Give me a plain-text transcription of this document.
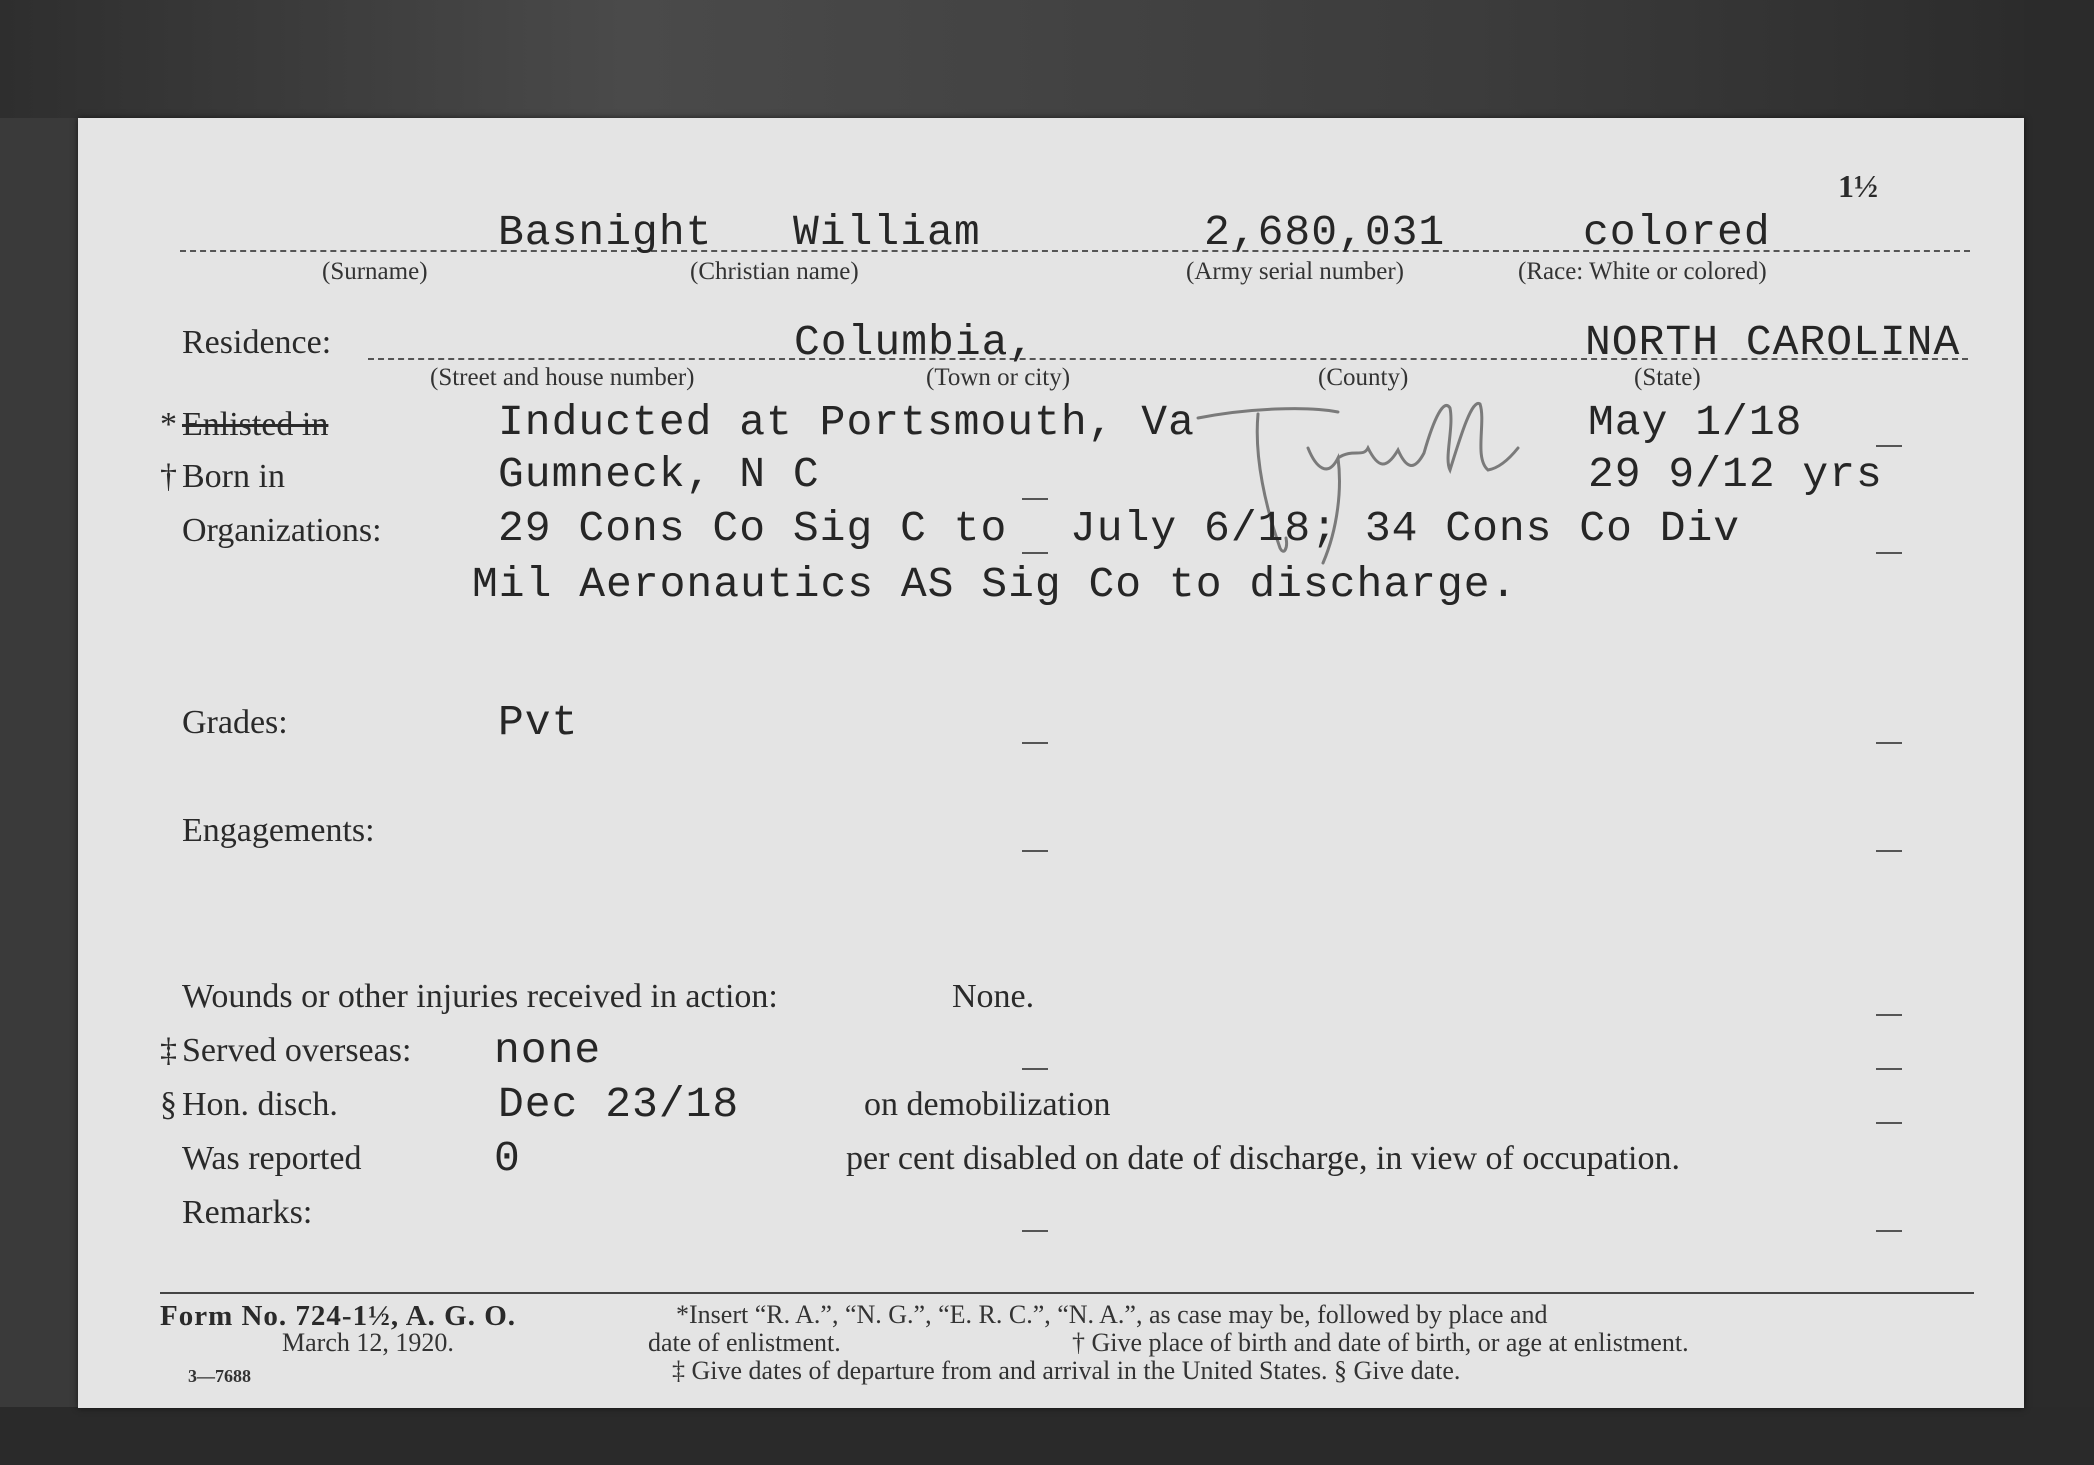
1½
Basnight William	2,680,031	colored
(Surname)	(Christian name)	(Army serial number)	(Race: White or colored)
Residence:	Columbia,	NORTH CAROLINA
(Street and house number)	(Town or city)	(County)	(State)
Tyrrell
* Enlisted in	Inducted at Portsmouth, Va	May 1/18
† Born in	Gumneck, N C	29 9/12 yrs
Organizations:	29 Cons Co Sig C to July 6/18; 34 Cons Co Div
Mil Aeronautics AS Sig Co to discharge.
Grades:	Pvt
Engagements:
Wounds or other injuries received in action:	None.
‡ Served overseas: none
§ Hon. disch.	Dec 23/18	on demobilization
Was reported	0	per cent disabled on date of discharge, in view of occupation.
Remarks:
Form No. 724-1½, A. G. O.
March 12, 1920.
3—7688
*Insert “R. A.”, “N. G.”, “E. R. C.”, “N. A.”, as case may be, followed by place and
date of enlistment.	† Give place of birth and date of birth, or age at enlistment.
‡ Give dates of departure from and arrival in the United States. § Give date.
